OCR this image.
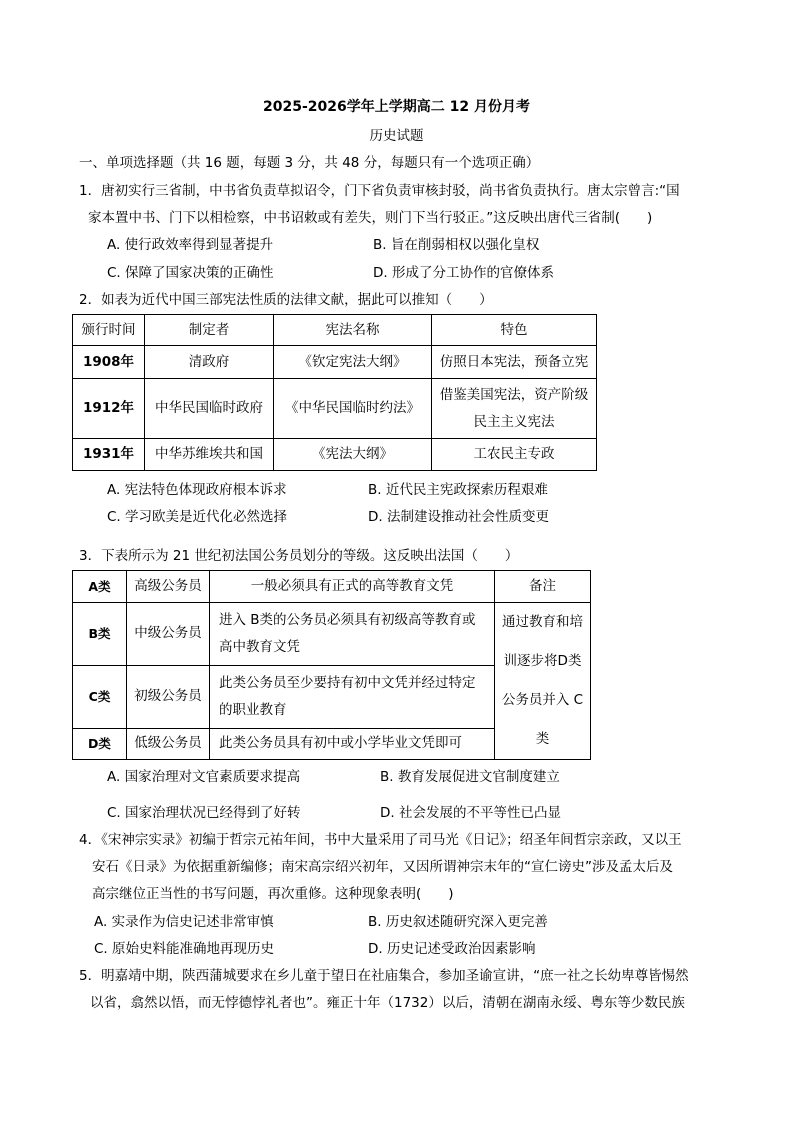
2025-2026学年上学期高二 12 月份月考
历史试题
一、单项选择题（共 16 题，每题 3 分，共 48 分，每题只有一个选项正确）
1．唐初实行三省制，中书省负责草拟诏令，门下省负责审核封驳，尚书省负责执行。唐太宗曾言:“国
家本置中书、门下以相检察，中书诏敕或有差失，则门下当行驳正。”这反映出唐代三省制(　　)
A. 使行政效率得到显著提升	B. 旨在削弱相权以强化皇权
C. 保障了国家决策的正确性	D. 形成了分工协作的官僚体系
2．如表为近代中国三部宪法性质的法律文献，据此可以推知（　　）
颁行时间	制定者	宪法名称	特色
1908年	清政府	《钦定宪法大纲》	仿照日本宪法，预备立宪
1912年	中华民国临时政府	《中华民国临时约法》	借鉴美国宪法，资产阶级民主主义宪法
1931年	中华苏维埃共和国	《宪法大纲》	工农民主专政
A. 宪法特色体现政府根本诉求	B. 近代民主宪政探索历程艰难
C. 学习欧美是近代化必然选择	D. 法制建设推动社会性质变更
3．下表所示为 21 世纪初法国公务员划分的等级。这反映出法国（　　）
A类	高级公务员	一般必须具有正式的高等教育文凭	备注
B类	中级公务员	进入 B类的公务员必须具有初级高等教育或高中教育文凭	通过教育和培训逐步将D类公务员并入 C类
C类	初级公务员	此类公务员至少要持有初中文凭并经过特定的职业教育	
D类	低级公务员	此类公务员具有初中或小学毕业文凭即可	
A. 国家治理对文官素质要求提高	B. 教育发展促进文官制度建立
C. 国家治理状况已经得到了好转	D. 社会发展的不平等性已凸显
4．《宋神宗实录》初编于哲宗元祐年间，书中大量采用了司马光《日记》；绍圣年间哲宗亲政，又以王
安石《日录》为依据重新编修；南宋高宗绍兴初年，又因所谓神宗末年的“宣仁谤史”涉及孟太后及
高宗继位正当性的书写问题，再次重修。这种现象表明(　　)
A. 实录作为信史记述非常审慎	B. 历史叙述随研究深入更完善
C. 原始史料能准确地再现历史	D. 历史记述受政治因素影响
5．明嘉靖中期，陕西蒲城要求在乡儿童于望日在社庙集合，参加圣谕宣讲，“庶一社之长幼卑尊皆惕然
以省，翕然以悟，而无悖德悖礼者也”。雍正十年（1732）以后，清朝在湖南永绥、粤东等少数民族
